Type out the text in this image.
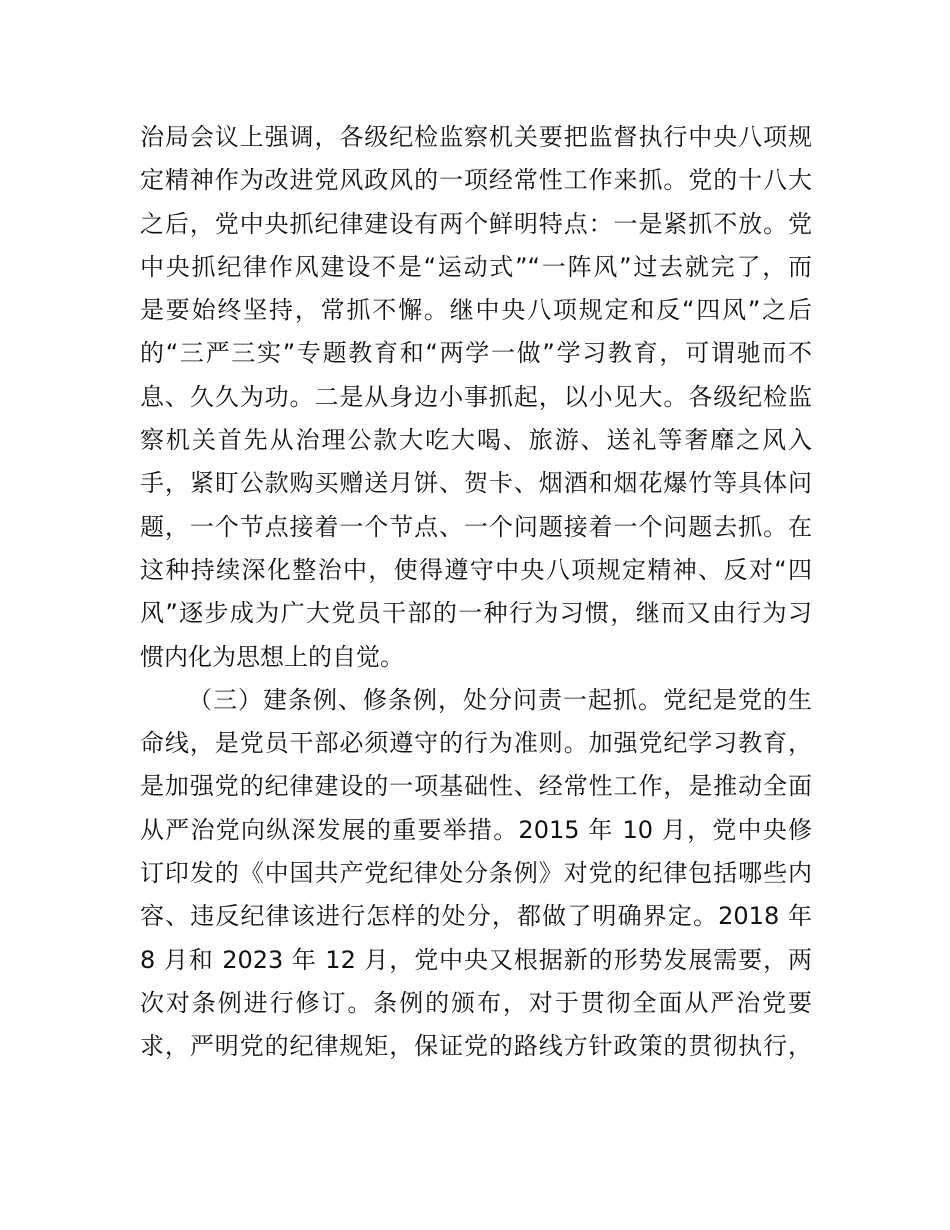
治局会议上强调，各级纪检监察机关要把监督执行中央八项规
定精神作为改进党风政风的一项经常性工作来抓。党的十八大
之后，党中央抓纪律建设有两个鲜明特点：一是紧抓不放。党
中央抓纪律作风建设不是“运动式”“一阵风”过去就完了，而
是要始终坚持，常抓不懈。继中央八项规定和反“四风”之后
的“三严三实”专题教育和“两学一做”学习教育，可谓驰而不
息、久久为功。二是从身边小事抓起，以小见大。各级纪检监
察机关首先从治理公款大吃大喝、旅游、送礼等奢靡之风入
手，紧盯公款购买赠送月饼、贺卡、烟酒和烟花爆竹等具体问
题，一个节点接着一个节点、一个问题接着一个问题去抓。在
这种持续深化整治中，使得遵守中央八项规定精神、反对“四
风”逐步成为广大党员干部的一种行为习惯，继而又由行为习
惯内化为思想上的自觉。
（三）建条例、修条例，处分问责一起抓。党纪是党的生
命线，是党员干部必须遵守的行为准则。加强党纪学习教育，
是加强党的纪律建设的一项基础性、经常性工作，是推动全面
从严治党向纵深发展的重要举措。2015 年 10 月，党中央修
订印发的《中国共产党纪律处分条例》对党的纪律包括哪些内
容、违反纪律该进行怎样的处分，都做了明确界定。2018 年
8 月和 2023 年 12 月，党中央又根据新的形势发展需要，两
次对条例进行修订。条例的颁布，对于贯彻全面从严治党要
求，严明党的纪律规矩，保证党的路线方针政策的贯彻执行，
